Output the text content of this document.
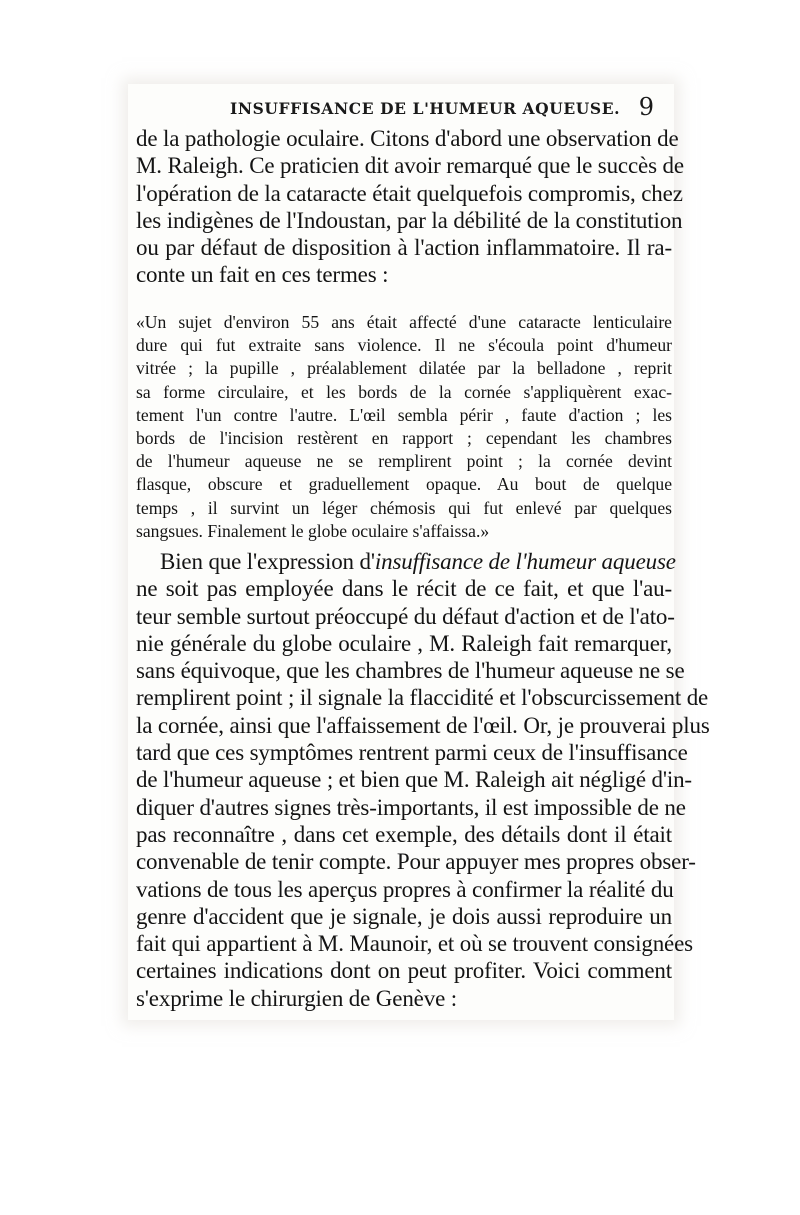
INSUFFISANCE DE L'HUMEUR AQUEUSE. 9
de la pathologie oculaire. Citons d'abord une observation de
M. Raleigh. Ce praticien dit avoir remarqué que le succès de
l'opération de la cataracte était quelquefois compromis, chez
les indigènes de l'Indoustan, par la débilité de la constitution
ou par défaut de disposition à l'action inflammatoire. Il ra-
conte un fait en ces termes :
«Un sujet d'environ 55 ans était affecté d'une cataracte lenticulaire
dure qui fut extraite sans violence. Il ne s'écoula point d'humeur
vitrée ; la pupille , préalablement dilatée par la belladone , reprit
sa forme circulaire, et les bords de la cornée s'appliquèrent exac-
tement l'un contre l'autre. L'œil sembla périr , faute d'action ; les
bords de l'incision restèrent en rapport ; cependant les chambres
de l'humeur aqueuse ne se remplirent point ; la cornée devint
flasque, obscure et graduellement opaque. Au bout de quelque
temps , il survint un léger chémosis qui fut enlevé par quelques
sangsues. Finalement le globe oculaire s'affaissa.»
Bien que l'expression d'insuffisance de l'humeur aqueuse
ne soit pas employée dans le récit de ce fait, et que l'au-
teur semble surtout préoccupé du défaut d'action et de l'ato-
nie générale du globe oculaire , M. Raleigh fait remarquer,
sans équivoque, que les chambres de l'humeur aqueuse ne se
remplirent point ; il signale la flaccidité et l'obscurcissement de
la cornée, ainsi que l'affaissement de l'œil. Or, je prouverai plus
tard que ces symptômes rentrent parmi ceux de l'insuffisance
de l'humeur aqueuse ; et bien que M. Raleigh ait négligé d'in-
diquer d'autres signes très-importants, il est impossible de ne
pas reconnaître , dans cet exemple, des détails dont il était
convenable de tenir compte. Pour appuyer mes propres obser-
vations de tous les aperçus propres à confirmer la réalité du
genre d'accident que je signale, je dois aussi reproduire un
fait qui appartient à M. Maunoir, et où se trouvent consignées
certaines indications dont on peut profiter. Voici comment
s'exprime le chirurgien de Genève :
